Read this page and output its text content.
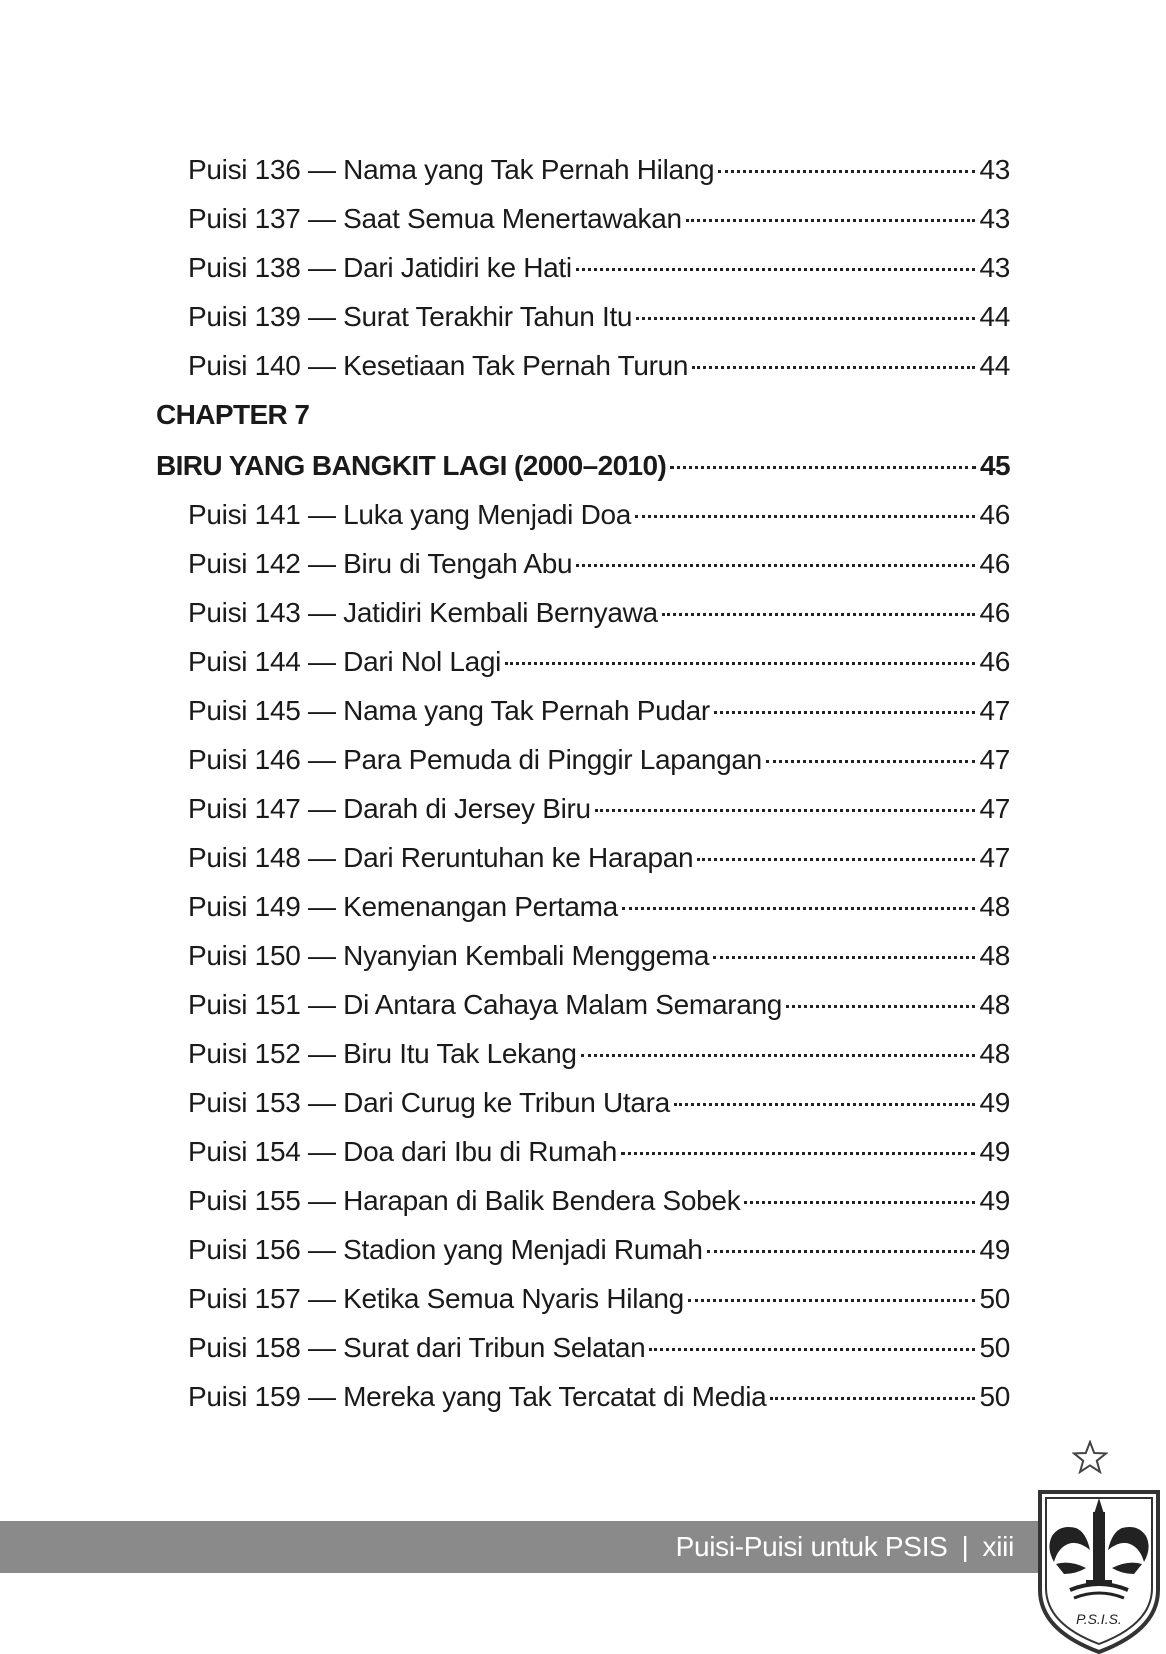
Puisi 136 — Nama yang Tak Pernah Hilang	43
Puisi 137 — Saat Semua Menertawakan	43
Puisi 138 — Dari Jatidiri ke Hati	43
Puisi 139 — Surat Terakhir Tahun Itu	44
Puisi 140 — Kesetiaan Tak Pernah Turun	44
CHAPTER 7
BIRU YANG BANGKIT LAGI (2000–2010)	45
Puisi 141 — Luka yang Menjadi Doa	46
Puisi 142 — Biru di Tengah Abu	46
Puisi 143 — Jatidiri Kembali Bernyawa	46
Puisi 144 — Dari Nol Lagi	46
Puisi 145 — Nama yang Tak Pernah Pudar	47
Puisi 146 — Para Pemuda di Pinggir Lapangan	47
Puisi 147 — Darah di Jersey Biru	47
Puisi 148 — Dari Reruntuhan ke Harapan	47
Puisi 149 — Kemenangan Pertama	48
Puisi 150 — Nyanyian Kembali Menggema	48
Puisi 151 — Di Antara Cahaya Malam Semarang	48
Puisi 152 — Biru Itu Tak Lekang	48
Puisi 153 — Dari Curug ke Tribun Utara	49
Puisi 154 — Doa dari Ibu di Rumah	49
Puisi 155 — Harapan di Balik Bendera Sobek	49
Puisi 156 — Stadion yang Menjadi Rumah	49
Puisi 157 — Ketika Semua Nyaris Hilang	50
Puisi 158 — Surat dari Tribun Selatan	50
Puisi 159 — Mereka yang Tak Tercatat di Media	50
Puisi-Puisi untuk PSIS | xiii
P.S.I.S.
